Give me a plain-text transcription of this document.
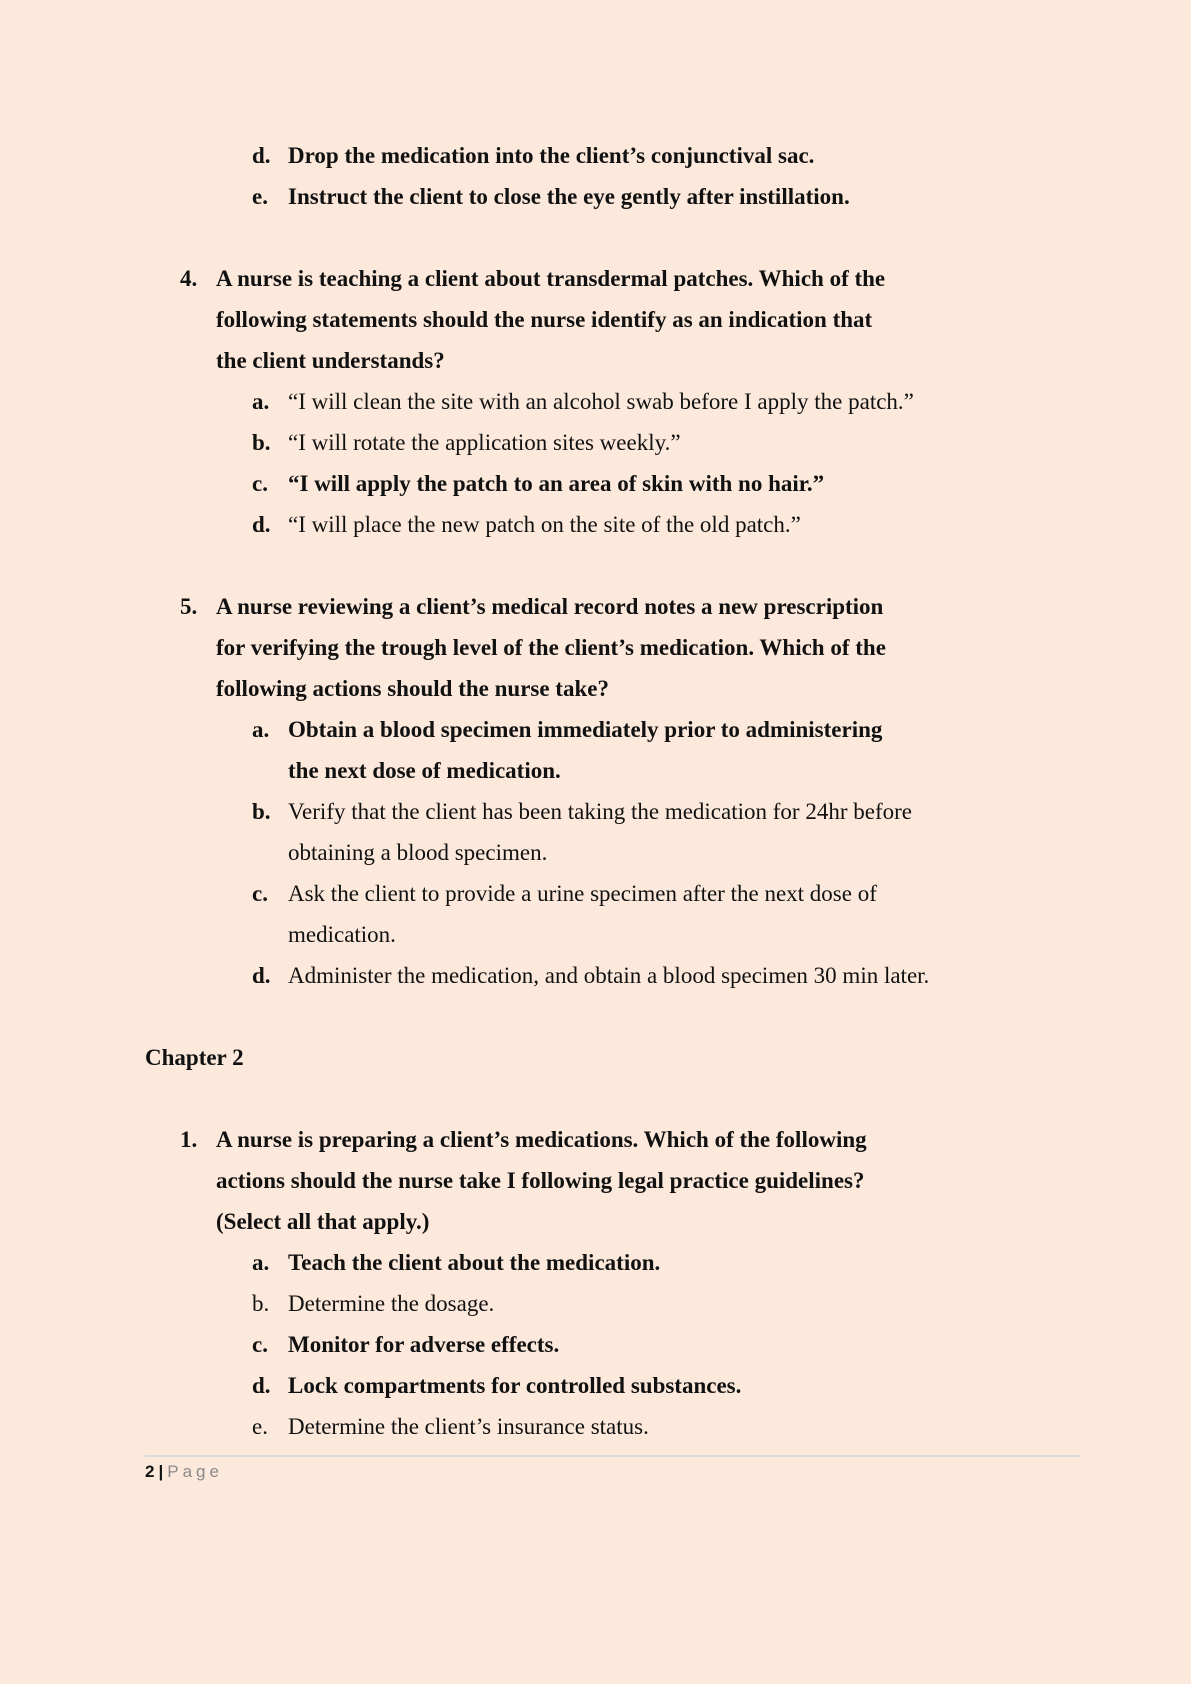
d. Drop the medication into the client’s conjunctival sac.
e. Instruct the client to close the eye gently after instillation.
4. A nurse is teaching a client about transdermal patches. Which of the
following statements should the nurse identify as an indication that
the client understands?
a. “I will clean the site with an alcohol swab before I apply the patch.”
b. “I will rotate the application sites weekly.”
c. “I will apply the patch to an area of skin with no hair.”
d. “I will place the new patch on the site of the old patch.”
5. A nurse reviewing a client’s medical record notes a new prescription
for verifying the trough level of the client’s medication. Which of the
following actions should the nurse take?
a. Obtain a blood specimen immediately prior to administering
the next dose of medication.
b. Verify that the client has been taking the medication for 24hr before
obtaining a blood specimen.
c. Ask the client to provide a urine specimen after the next dose of
medication.
d. Administer the medication, and obtain a blood specimen 30 min later.
Chapter 2
1. A nurse is preparing a client’s medications. Which of the following
actions should the nurse take I following legal practice guidelines?
(Select all that apply.)
a. Teach the client about the medication.
b. Determine the dosage.
c. Monitor for adverse effects.
d. Lock compartments for controlled substances.
e. Determine the client’s insurance status.
2 | Page
